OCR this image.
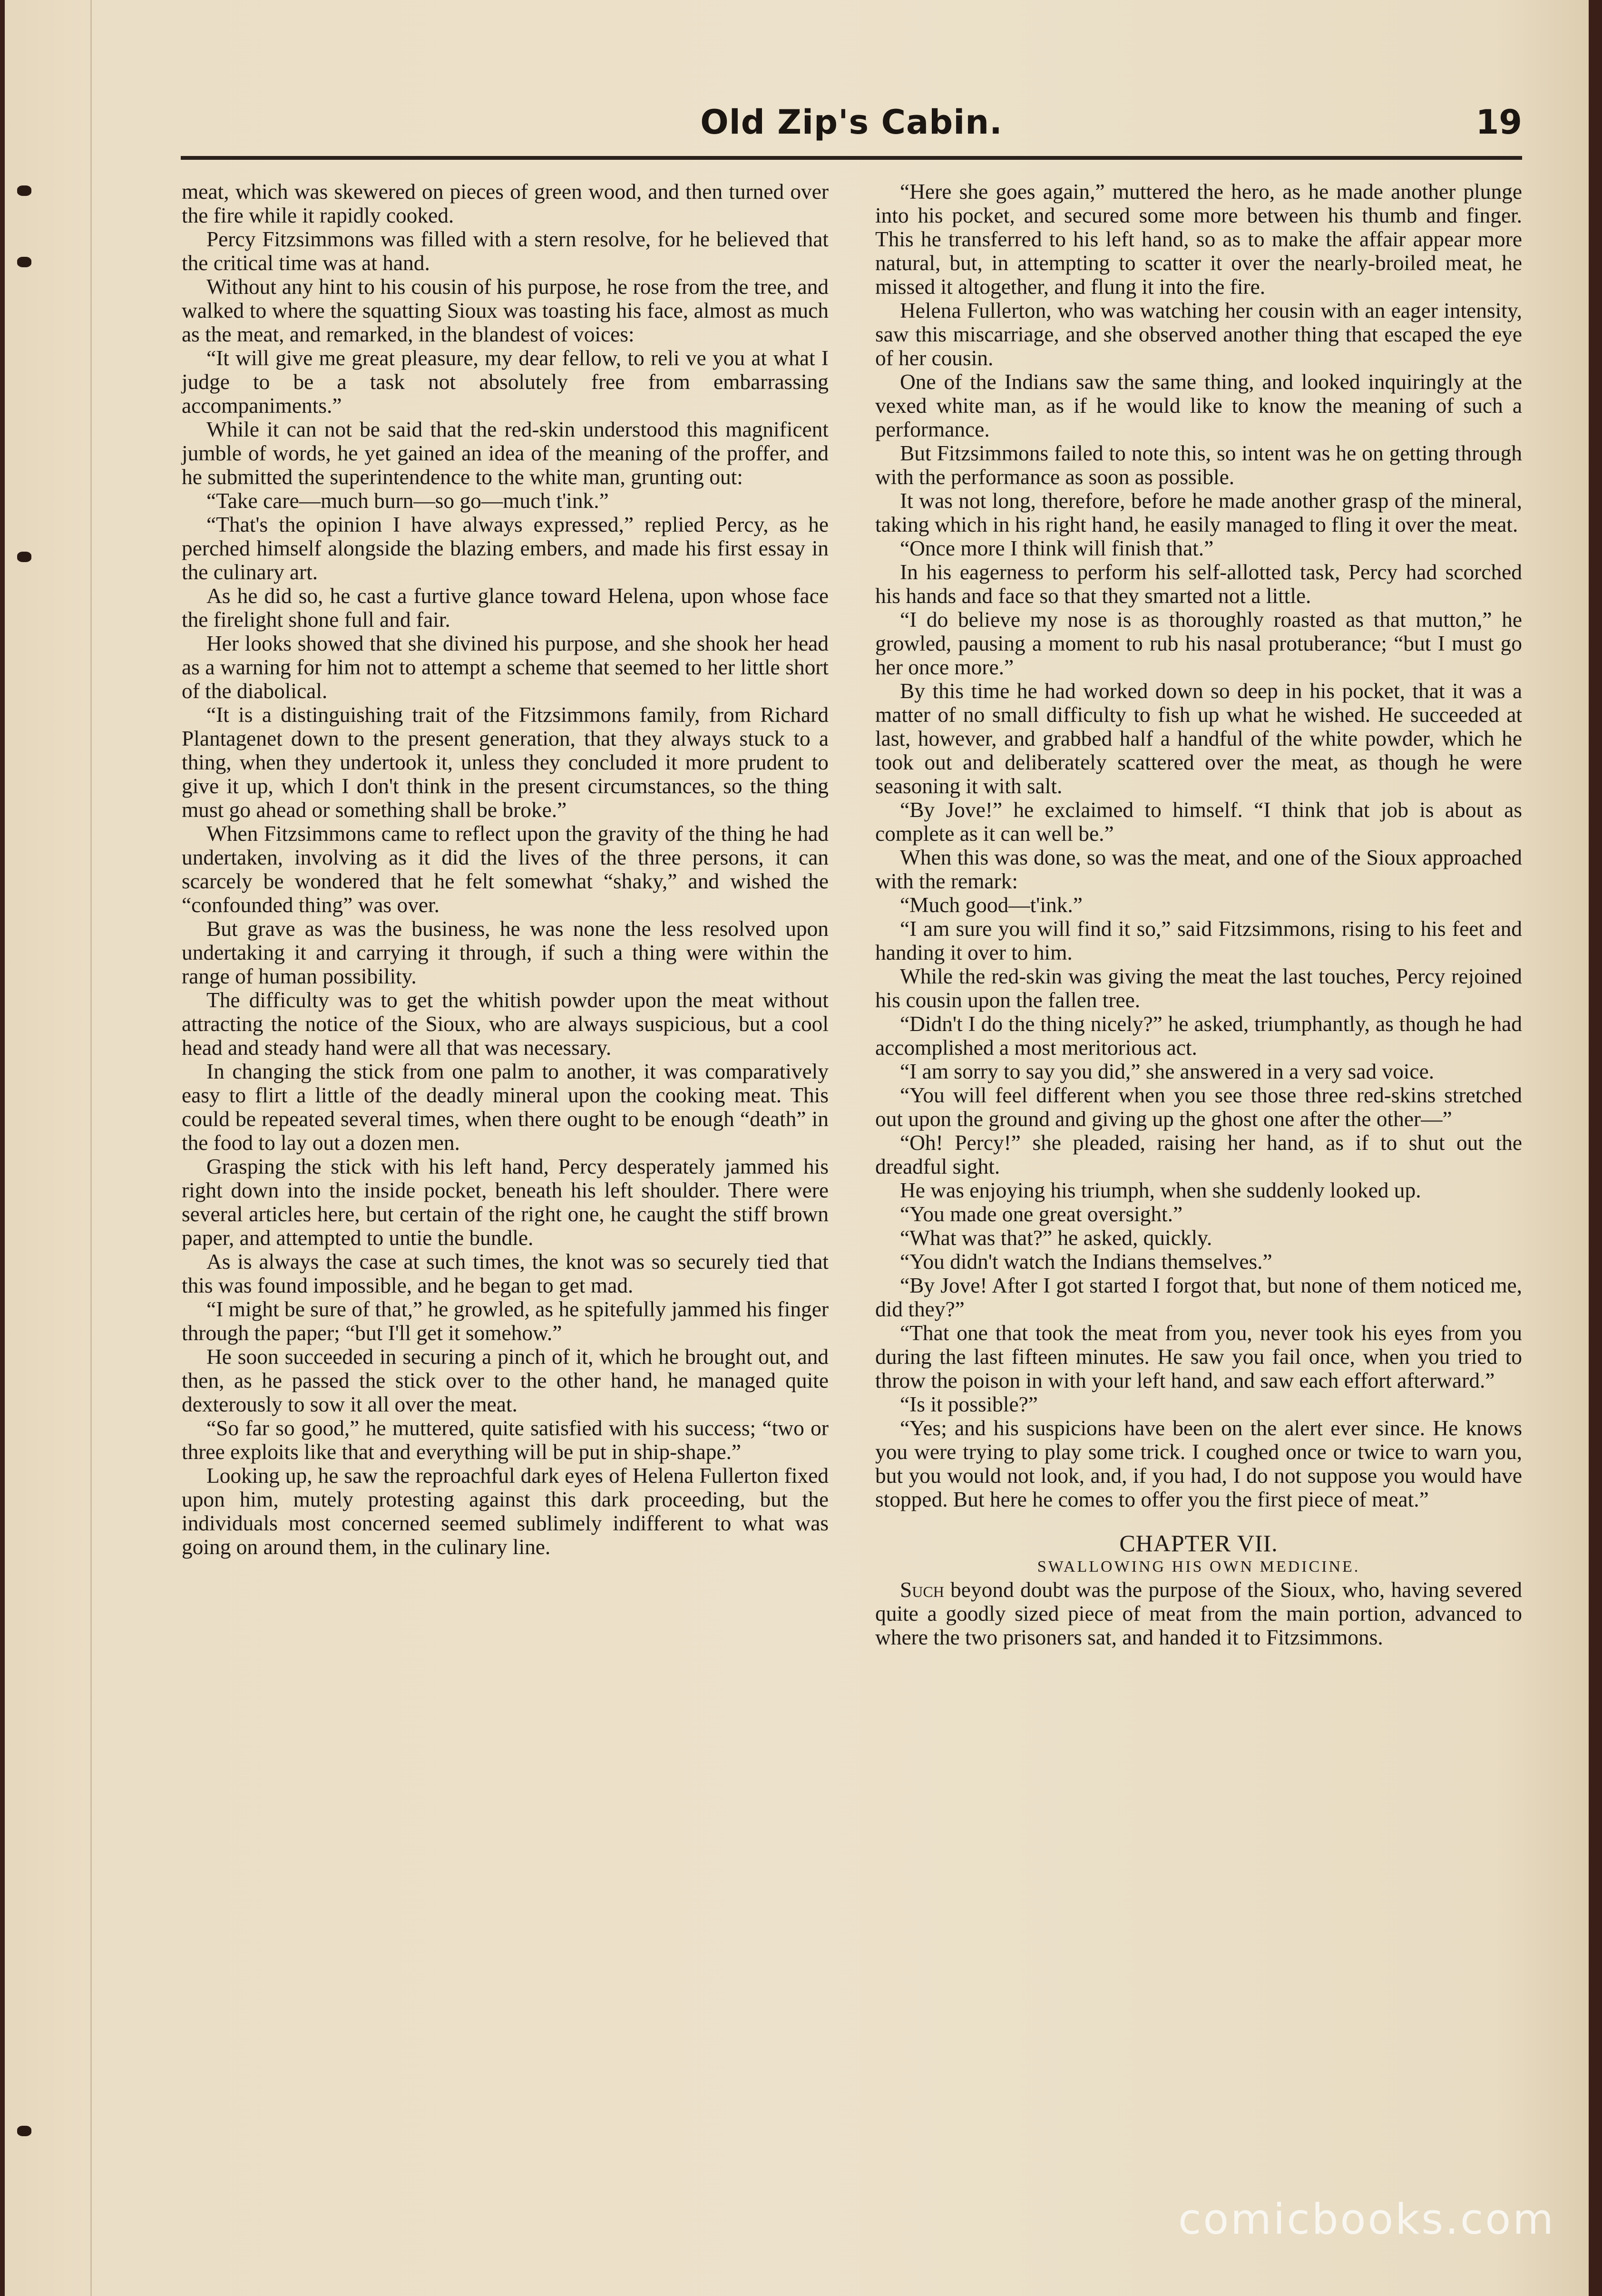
Old Zip's Cabin.	19

meat, which was skewered on pieces of green wood, and then turned over the fire while it rapidly cooked.

Percy Fitzsimmons was filled with a stern resolve, for he believed that the critical time was at hand.

Without any hint to his cousin of his purpose, he rose from the tree, and walked to where the squatting Sioux was toasting his face, almost as much as the meat, and remarked, in the blandest of voices:

“It will give me great pleasure, my dear fellow, to reli ve you at what I judge to be a task not absolutely free from embarrassing accompaniments.”

While it can not be said that the red-skin understood this magnificent jumble of words, he yet gained an idea of the meaning of the proffer, and he submitted the superintendence to the white man, grunting out:

“Take care—much burn—so go—much t'ink.”

“That's the opinion I have always expressed,” replied Percy, as he perched himself alongside the blazing embers, and made his first essay in the culinary art.

As he did so, he cast a furtive glance toward Helena, upon whose face the firelight shone full and fair.

Her looks showed that she divined his purpose, and she shook her head as a warning for him not to attempt a scheme that seemed to her little short of the diabolical.

“It is a distinguishing trait of the Fitzsimmons family, from Richard Plantagenet down to the present generation, that they always stuck to a thing, when they undertook it, unless they concluded it more prudent to give it up, which I don't think in the present circumstances, so the thing must go ahead or something shall be broke.”

When Fitzsimmons came to reflect upon the gravity of the thing he had undertaken, involving as it did the lives of the three persons, it can scarcely be wondered that he felt somewhat “shaky,” and wished the “confounded thing” was over.

But grave as was the business, he was none the less resolved upon undertaking it and carrying it through, if such a thing were within the range of human possibility.

The difficulty was to get the whitish powder upon the meat without attracting the notice of the Sioux, who are always suspicious, but a cool head and steady hand were all that was necessary.

In changing the stick from one palm to another, it was comparatively easy to flirt a little of the deadly mineral upon the cooking meat. This could be repeated several times, when there ought to be enough “death” in the food to lay out a dozen men.

Grasping the stick with his left hand, Percy desperately jammed his right down into the inside pocket, beneath his left shoulder. There were several articles here, but certain of the right one, he caught the stiff brown paper, and attempted to untie the bundle.

As is always the case at such times, the knot was so securely tied that this was found impossible, and he began to get mad.

“I might be sure of that,” he growled, as he spitefully jammed his finger through the paper; “but I'll get it somehow.”

He soon succeeded in securing a pinch of it, which he brought out, and then, as he passed the stick over to the other hand, he managed quite dexterously to sow it all over the meat.

“So far so good,” he muttered, quite satisfied with his success; “two or three exploits like that and everything will be put in ship-shape.”

Looking up, he saw the reproachful dark eyes of Helena Fullerton fixed upon him, mutely protesting against this dark proceeding, but the individuals most concerned seemed sublimely indifferent to what was going on around them, in the culinary line.

“Here she goes again,” muttered the hero, as he made another plunge into his pocket, and secured some more between his thumb and finger. This he transferred to his left hand, so as to make the affair appear more natural, but, in attempting to scatter it over the nearly-broiled meat, he missed it altogether, and flung it into the fire.

Helena Fullerton, who was watching her cousin with an eager intensity, saw this miscarriage, and she observed another thing that escaped the eye of her cousin.

One of the Indians saw the same thing, and looked inquiringly at the vexed white man, as if he would like to know the meaning of such a performance.

But Fitzsimmons failed to note this, so intent was he on getting through with the performance as soon as possible.

It was not long, therefore, before he made another grasp of the mineral, taking which in his right hand, he easily managed to fling it over the meat.

“Once more I think will finish that.”

In his eagerness to perform his self-allotted task, Percy had scorched his hands and face so that they smarted not a little.

“I do believe my nose is as thoroughly roasted as that mutton,” he growled, pausing a moment to rub his nasal protuberance; “but I must go her once more.”

By this time he had worked down so deep in his pocket, that it was a matter of no small difficulty to fish up what he wished. He succeeded at last, however, and grabbed half a handful of the white powder, which he took out and deliberately scattered over the meat, as though he were seasoning it with salt.

“By Jove!” he exclaimed to himself. “I think that job is about as complete as it can well be.”

When this was done, so was the meat, and one of the Sioux approached with the remark:

“Much good—t'ink.”

“I am sure you will find it so,” said Fitzsimmons, rising to his feet and handing it over to him.

While the red-skin was giving the meat the last touches, Percy rejoined his cousin upon the fallen tree.

“Didn't I do the thing nicely?” he asked, triumphantly, as though he had accomplished a most meritorious act.

“I am sorry to say you did,” she answered in a very sad voice.

“You will feel different when you see those three red-skins stretched out upon the ground and giving up the ghost one after the other—”

“Oh! Percy!” she pleaded, raising her hand, as if to shut out the dreadful sight.

He was enjoying his triumph, when she suddenly looked up.

“You made one great oversight.”

“What was that?” he asked, quickly.

“You didn't watch the Indians themselves.”

“By Jove! After I got started I forgot that, but none of them noticed me, did they?”

“That one that took the meat from you, never took his eyes from you during the last fifteen minutes. He saw you fail once, when you tried to throw the poison in with your left hand, and saw each effort afterward.”

“Is it possible?”

“Yes; and his suspicions have been on the alert ever since. He knows you were trying to play some trick. I coughed once or twice to warn you, but you would not look, and, if you had, I do not suppose you would have stopped. But here he comes to offer you the first piece of meat.”

CHAPTER VII.

SWALLOWING HIS OWN MEDICINE.

Such beyond doubt was the purpose of the Sioux, who, having severed quite a goodly sized piece of meat from the main portion, advanced to where the two prisoners sat, and handed it to Fitzsimmons.

comicbooks.com
